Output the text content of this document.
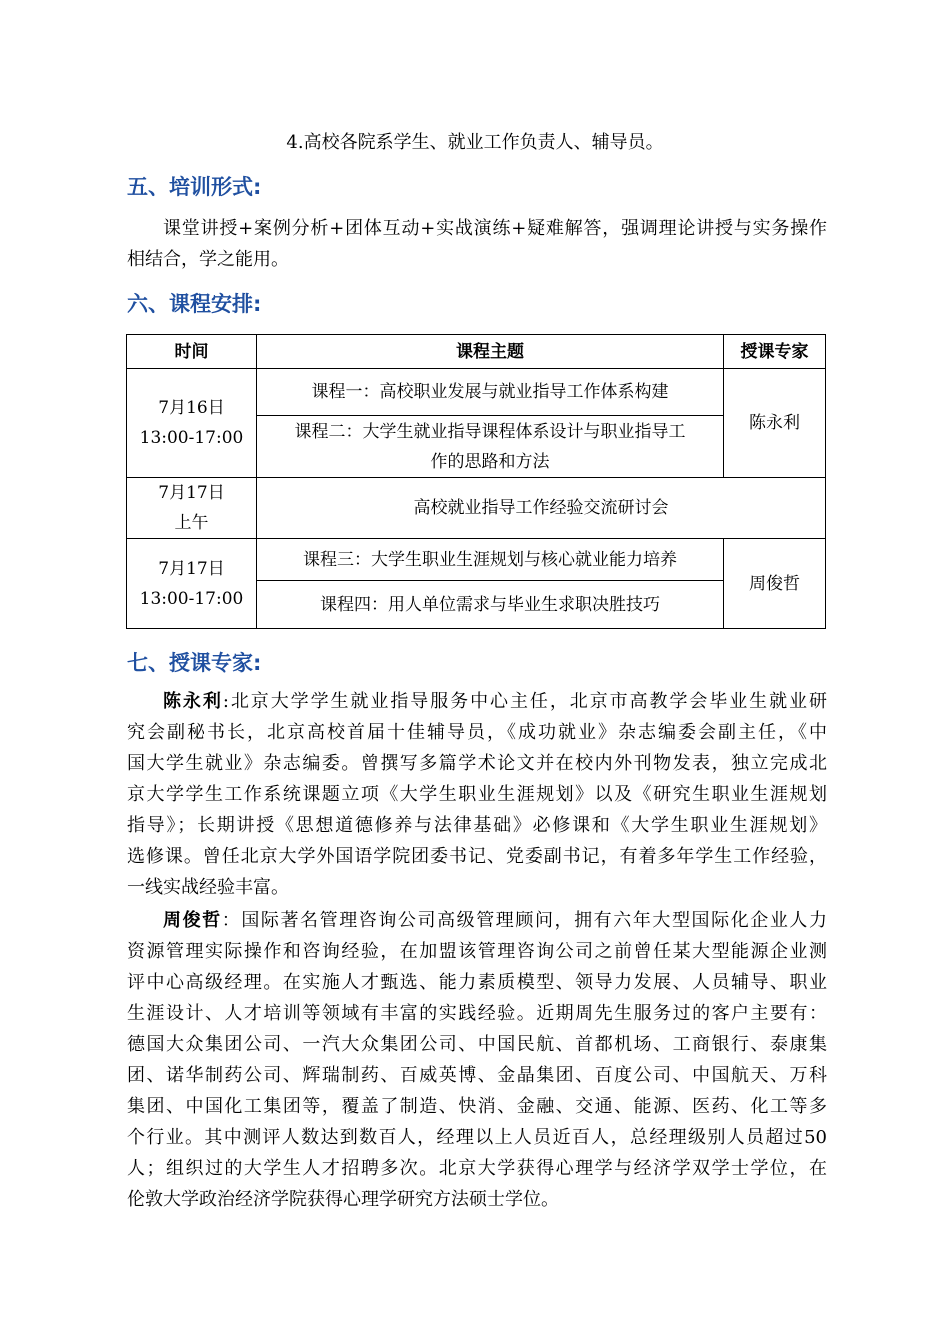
4.高校各院系学生、就业工作负责人、辅导员。
五、培训形式:
课堂讲授+案例分析+团体互动+实战演练+疑难解答，强调理论讲授与实务操作
相结合，学之能用。
六、课程安排:
时间	课程主题	授课专家

7月16日
13:00-17:00	课程一：高校职业发展与就业指导工作体系构建	陈永利

	课程二：大学生就业指导课程体系设计与职业指导工
作的思路和方法	

7月17日
上午	高校就业指导工作经验交流研讨会	

7月17日
13:00-17:00	课程三：大学生职业生涯规划与核心就业能力培养	周俊哲
	课程四：用人单位需求与毕业生求职决胜技巧	
七、授课专家:
陈永利:北京大学学生就业指导服务中心主任，北京市高教学会毕业生就业研
究会副秘书长，北京高校首届十佳辅导员，《成功就业》杂志编委会副主任，《中
国大学生就业》杂志编委。曾撰写多篇学术论文并在校内外刊物发表，独立完成北
京大学学生工作系统课题立项《大学生职业生涯规划》以及《研究生职业生涯规划
指导》；长期讲授《思想道德修养与法律基础》必修课和《大学生职业生涯规划》
选修课。曾任北京大学外国语学院团委书记、党委副书记，有着多年学生工作经验，
一线实战经验丰富。
周俊哲：国际著名管理咨询公司高级管理顾问，拥有六年大型国际化企业人力
资源管理实际操作和咨询经验，在加盟该管理咨询公司之前曾任某大型能源企业测
评中心高级经理。在实施人才甄选、能力素质模型、领导力发展、人员辅导、职业
生涯设计、人才培训等领域有丰富的实践经验。近期周先生服务过的客户主要有：
德国大众集团公司、一汽大众集团公司、中国民航、首都机场、工商银行、泰康集
团、诺华制药公司、辉瑞制药、百威英博、金晶集团、百度公司、中国航天、万科
集团、中国化工集团等，覆盖了制造、快消、金融、交通、能源、医药、化工等多
个行业。其中测评人数达到数百人，经理以上人员近百人，总经理级别人员超过50
人；组织过的大学生人才招聘多次。北京大学获得心理学与经济学双学士学位，在
伦敦大学政治经济学院获得心理学研究方法硕士学位。
